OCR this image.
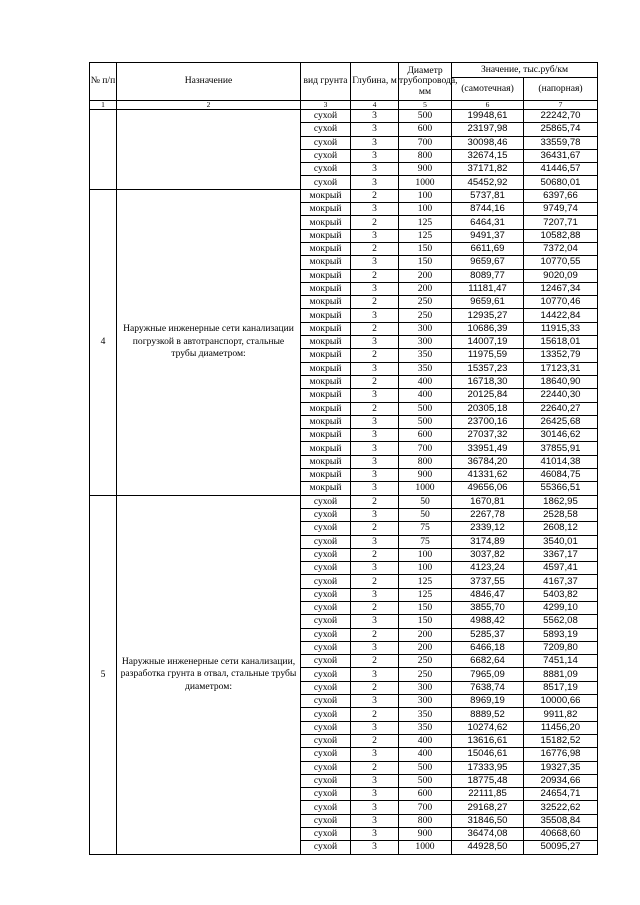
№ п/п	Назначение	вид грунта	Глубина, м	Диаметр трубопровода, мм	Значение, тыс.руб/км	
					(самотечная)	(напорная)
1	2	3	4	5	6	7
		сухой	3	500	19948,61	22242,70
		сухой	3	600	23197,98	25865,74
		сухой	3	700	30098,46	33559,78
		сухой	3	800	32674,15	36431,67
		сухой	3	900	37171,82	41446,57
		сухой	3	1000	45452,92	50680,01
4	Наружные инженерные сети канализации погрузкой в автотранспорт, стальные трубы диаметром:	мокрый	2	100	5737,81	6397,66
		мокрый	3	100	8744,16	9749,74
		мокрый	2	125	6464,31	7207,71
		мокрый	3	125	9491,37	10582,88
		мокрый	2	150	6611,69	7372,04
		мокрый	3	150	9659,67	10770,55
		мокрый	2	200	8089,77	9020,09
		мокрый	3	200	11181,47	12467,34
		мокрый	2	250	9659,61	10770,46
		мокрый	3	250	12935,27	14422,84
		мокрый	2	300	10686,39	11915,33
		мокрый	3	300	14007,19	15618,01
		мокрый	2	350	11975,59	13352,79
		мокрый	3	350	15357,23	17123,31
		мокрый	2	400	16718,30	18640,90
		мокрый	3	400	20125,84	22440,30
		мокрый	2	500	20305,18	22640,27
		мокрый	3	500	23700,16	26425,68
		мокрый	3	600	27037,32	30146,62
		мокрый	3	700	33951,49	37855,91
		мокрый	3	800	36784,20	41014,38
		мокрый	3	900	41331,62	46084,75
		мокрый	3	1000	49656,06	55366,51
5	Наружные инженерные сети канализации, разработка грунта в отвал, стальные трубы диаметром:	сухой	2	50	1670,81	1862,95
		сухой	3	50	2267,78	2528,58
		сухой	2	75	2339,12	2608,12
		сухой	3	75	3174,89	3540,01
		сухой	2	100	3037,82	3367,17
		сухой	3	100	4123,24	4597,41
		сухой	2	125	3737,55	4167,37
		сухой	3	125	4846,47	5403,82
		сухой	2	150	3855,70	4299,10
		сухой	3	150	4988,42	5562,08
		сухой	2	200	5285,37	5893,19
		сухой	3	200	6466,18	7209,80
		сухой	2	250	6682,64	7451,14
		сухой	3	250	7965,09	8881,09
		сухой	2	300	7638,74	8517,19
		сухой	3	300	8969,19	10000,66
		сухой	2	350	8889,52	9911,82
		сухой	3	350	10274,62	11456,20
		сухой	2	400	13616,61	15182,52
		сухой	3	400	15046,61	16776,98
		сухой	2	500	17333,95	19327,35
		сухой	3	500	18775,48	20934,66
		сухой	3	600	22111,85	24654,71
		сухой	3	700	29168,27	32522,62
		сухой	3	800	31846,50	35508,84
		сухой	3	900	36474,08	40668,60
		сухой	3	1000	44928,50	50095,27
